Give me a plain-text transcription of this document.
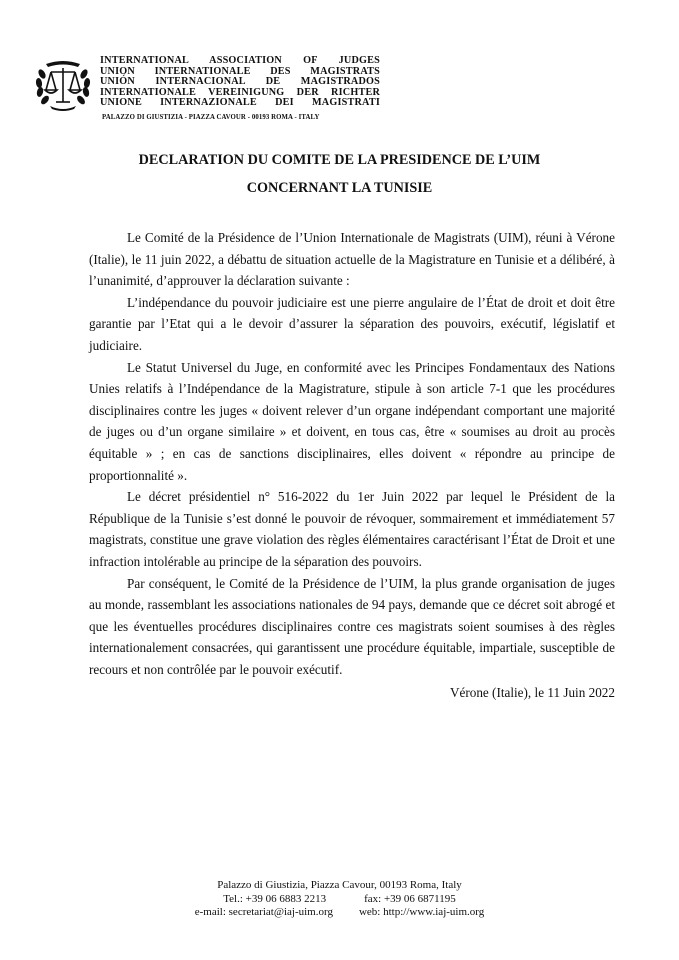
INTERNATIONAL ASSOCIATION OF JUDGES
UNION INTERNATIONALE DES MAGISTRATS
UNIÓN INTERNACIONAL DE MAGISTRADOS
INTERNATIONALE VEREINIGUNG DER RICHTER
UNIONE INTERNAZIONALE DEI MAGISTRATI
PALAZZO DI GIUSTIZIA - PIAZZA CAVOUR - 00193 ROMA - ITALY
DECLARATION DU COMITE DE LA PRESIDENCE DE L’UIM
CONCERNANT LA TUNISIE

Le Comité de la Présidence de l’Union Internationale de Magistrats (UIM), réuni à Vérone (Italie), le 11 juin 2022, a débattu de situation actuelle de la Magistrature en Tunisie et a délibéré, à l’unanimité, d’approuver la déclaration suivante :

L’indépendance du pouvoir judiciaire est une pierre angulaire de l’État de droit et doit être garantie par l’Etat qui a le devoir d’assurer la séparation des pouvoirs, exécutif, législatif et judiciaire.

Le Statut Universel du Juge, en conformité avec les Principes Fondamentaux des Nations Unies relatifs à l’Indépendance de la Magistrature, stipule à son article 7-1 que les procédures disciplinaires contre les juges « doivent relever d’un organe indépendant comportant une majorité de juges ou d’un organe similaire » et doivent, en tous cas, être « soumises au droit au procès équitable » ; en cas de sanctions disciplinaires, elles doivent « répondre au principe de proportionnalité ».

Le décret présidentiel n° 516-2022 du 1er Juin 2022 par lequel le Président de la République de la Tunisie s’est donné le pouvoir de révoquer, sommairement et immédiatement 57 magistrats, constitue une grave violation des règles élémentaires caractérisant l’État de Droit et une infraction intolérable au principe de la séparation des pouvoirs.

Par conséquent, le Comité de la Présidence de l’UIM, la plus grande organisation de juges au monde, rassemblant les associations nationales de 94 pays, demande que ce décret soit abrogé et que les éventuelles procédures disciplinaires contre ces magistrats soient soumises à des règles internationalement consacrées, qui garantissent une procédure équitable, impartiale, susceptible de recours et non contrôlée par le pouvoir exécutif.

Vérone (Italie), le 11 Juin 2022
Palazzo di Giustizia, Piazza Cavour, 00193 Roma, Italy
Tel.: +39 06 6883 2213	fax: +39 06 6871195
e-mail: secretariat@iaj-uim.org web: http://www.iaj-uim.org
